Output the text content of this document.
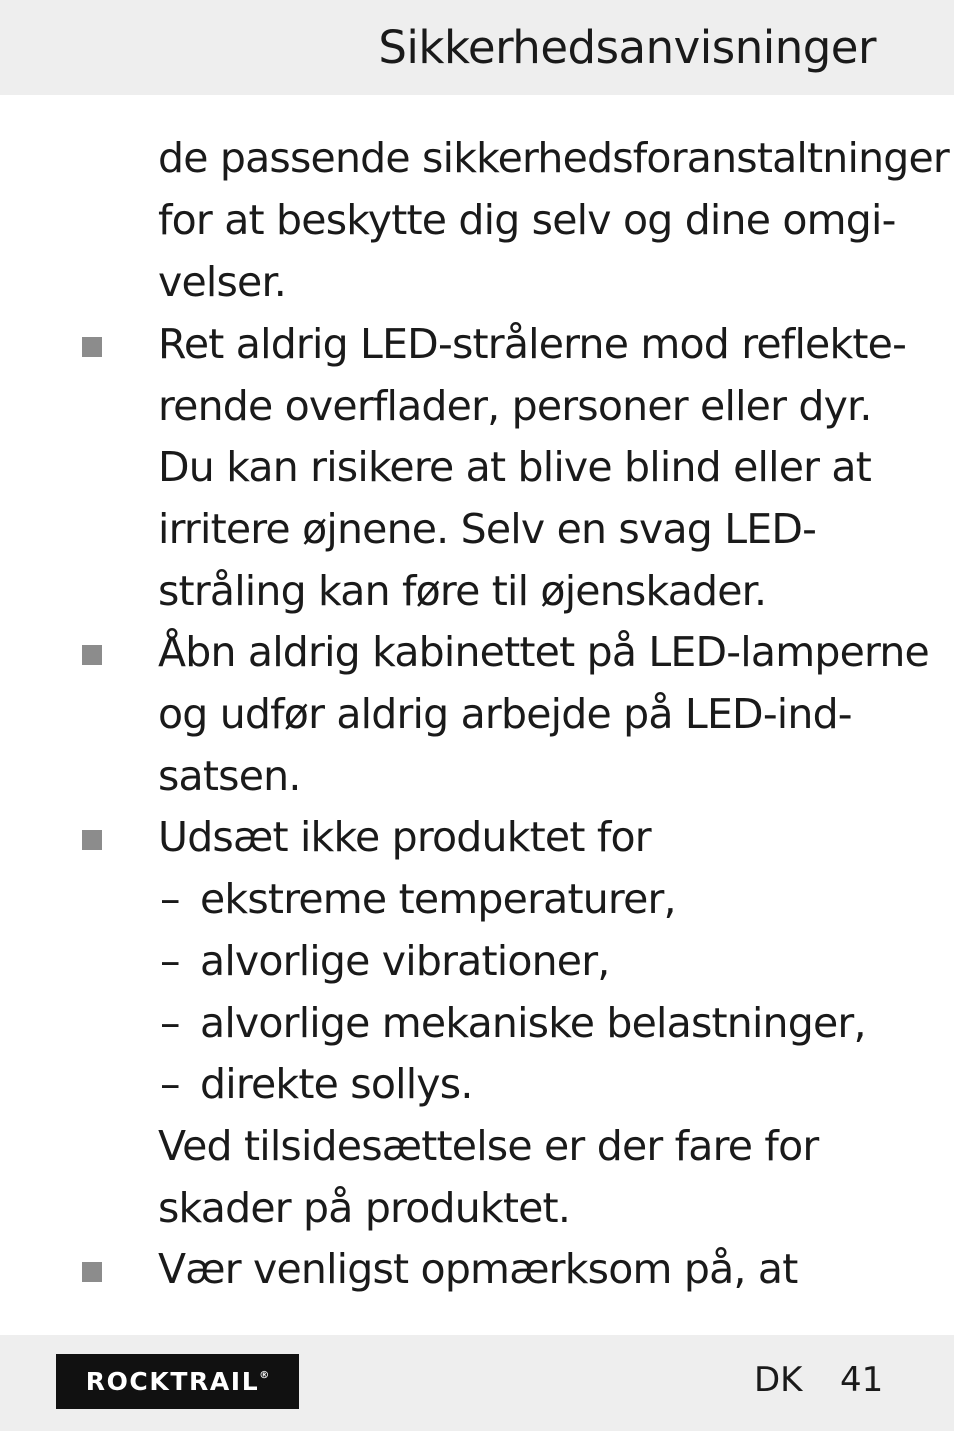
Sikkerhedsanvisninger
de passende sikkerhedsforanstaltninger
for at beskytte dig selv og dine omgi-
velser.
Ret aldrig LED-strålerne mod reflekte-
rende overflader, personer eller dyr.
Du kan risikere at blive blind eller at
irritere øjnene. Selv en svag LED-
stråling kan føre til øjenskader.
Åbn aldrig kabinettet på LED-lamperne
og udfør aldrig arbejde på LED-ind-
satsen.
Udsæt ikke produktet for
– ekstreme temperaturer,
– alvorlige vibrationer,
– alvorlige mekaniske belastninger,
– direkte sollys.
Ved tilsidesættelse er der fare for
skader på produktet.
Vær venligst opmærksom på, at
ROCKTRAIL®	DK 41
